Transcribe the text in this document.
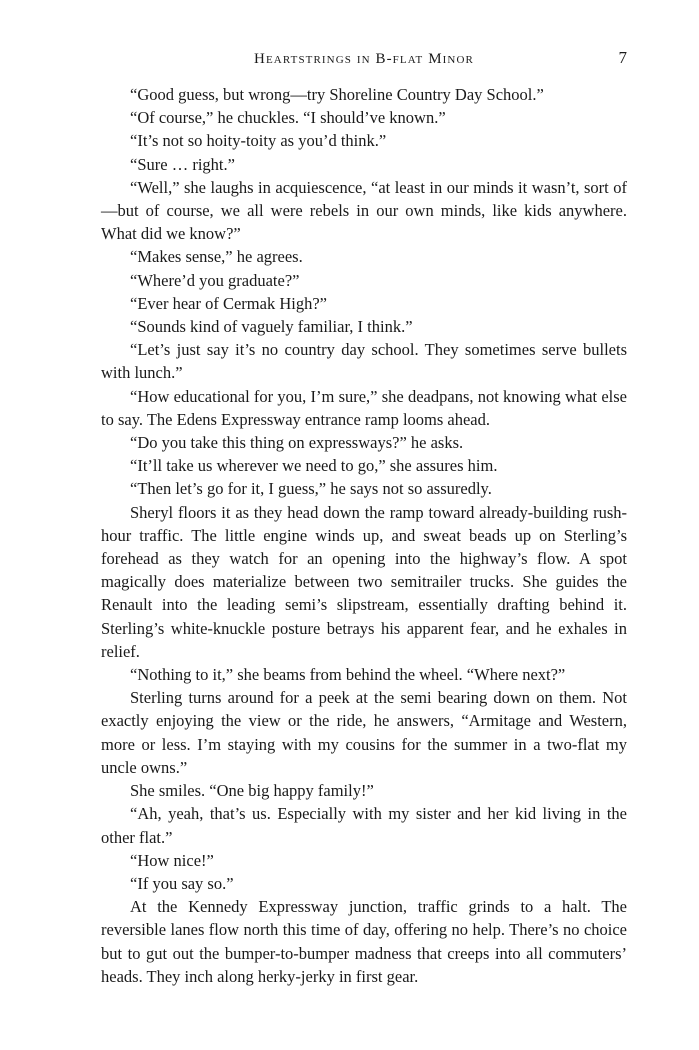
Heartstrings in B-flat Minor	7

“Good guess, but wrong—try Shoreline Country Day School.”

“Of course,” he chuckles. “I should’ve known.”

“It’s not so hoity-toity as you’d think.”

“Sure … right.”

“Well,” she laughs in acquiescence, “at least in our minds it wasn’t, sort of—but of course, we all were rebels in our own minds, like kids anywhere. What did we know?”

“Makes sense,” he agrees.

“Where’d you graduate?”

“Ever hear of Cermak High?”

“Sounds kind of vaguely familiar, I think.”

“Let’s just say it’s no country day school. They sometimes serve bullets with lunch.”

“How educational for you, I’m sure,” she deadpans, not knowing what else to say. The Edens Expressway entrance ramp looms ahead.

“Do you take this thing on expressways?” he asks.

“It’ll take us wherever we need to go,” she assures him.

“Then let’s go for it, I guess,” he says not so assuredly.

Sheryl floors it as they head down the ramp toward already-building rush-hour traffic. The little engine winds up, and sweat beads up on Sterling’s forehead as they watch for an opening into the highway’s flow. A spot magically does materialize between two semitrailer trucks. She guides the Renault into the leading semi’s slipstream, essentially drafting behind it. Sterling’s white-knuckle posture betrays his apparent fear, and he exhales in relief.

“Nothing to it,” she beams from behind the wheel. “Where next?”

Sterling turns around for a peek at the semi bearing down on them. Not exactly enjoying the view or the ride, he answers, “Armitage and Western, more or less. I’m staying with my cousins for the summer in a two-flat my uncle owns.”

She smiles. “One big happy family!”

“Ah, yeah, that’s us. Especially with my sister and her kid living in the other flat.”

“How nice!”

“If you say so.”

At the Kennedy Expressway junction, traffic grinds to a halt. The reversible lanes flow north this time of day, offering no help. There’s no choice but to gut out the bumper-to-bumper madness that creeps into all commuters’ heads. They inch along herky-jerky in first gear.
